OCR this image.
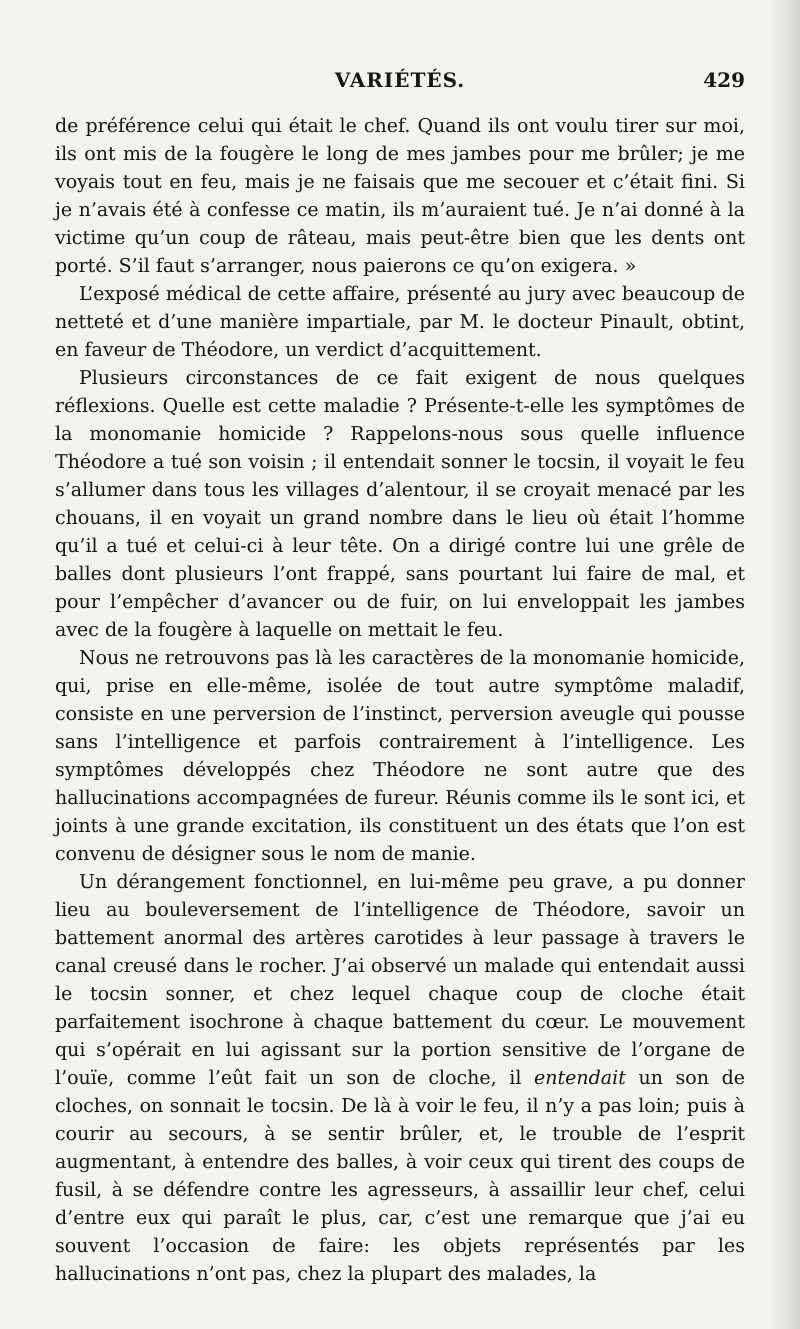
VARIÉTÉS.	429

de préférence celui qui était le chef. Quand ils ont voulu tirer sur moi, ils ont mis de la fougère le long de mes jambes pour me brûler; je me voyais tout en feu, mais je ne faisais que me secouer et c’était fini. Si je n’avais été à confesse ce matin, ils m’auraient tué. Je n’ai donné à la victime qu’un coup de râteau, mais peut-être bien que les dents ont porté. S’il faut s’arranger, nous paierons ce qu’on exigera. »

L’exposé médical de cette affaire, présenté au jury avec beaucoup de netteté et d’une manière impartiale, par M. le docteur Pinault, obtint, en faveur de Théodore, un verdict d’acquittement.

Plusieurs circonstances de ce fait exigent de nous quelques réflexions. Quelle est cette maladie ? Présente-t-elle les symptômes de la monomanie homicide ? Rappelons-nous sous quelle influence Théodore a tué son voisin ; il entendait sonner le tocsin, il voyait le feu s’allumer dans tous les villages d’alentour, il se croyait menacé par les chouans, il en voyait un grand nombre dans le lieu où était l’homme qu’il a tué et celui-ci à leur tête. On a dirigé contre lui une grêle de balles dont plusieurs l’ont frappé, sans pourtant lui faire de mal, et pour l’empêcher d’avancer ou de fuir, on lui enveloppait les jambes avec de la fougère à laquelle on mettait le feu.

Nous ne retrouvons pas là les caractères de la monomanie homicide, qui, prise en elle-même, isolée de tout autre symptôme maladif, consiste en une perversion de l’instinct, perversion aveugle qui pousse sans l’intelligence et parfois contrairement à l’intelligence. Les symptômes développés chez Théodore ne sont autre que des hallucinations accompagnées de fureur. Réunis comme ils le sont ici, et joints à une grande excitation, ils constituent un des états que l’on est convenu de désigner sous le nom de manie.

Un dérangement fonctionnel, en lui-même peu grave, a pu donner lieu au bouleversement de l’intelligence de Théodore, savoir un battement anormal des artères carotides à leur passage à travers le canal creusé dans le rocher. J’ai observé un malade qui entendait aussi le tocsin sonner, et chez lequel chaque coup de cloche était parfaitement isochrone à chaque battement du cœur. Le mouvement qui s’opérait en lui agissant sur la portion sensitive de l’organe de l’ouïe, comme l’eût fait un son de cloche, il entendait un son de cloches, on sonnait le tocsin. De là à voir le feu, il n’y a pas loin; puis à courir au secours, à se sentir brûler, et, le trouble de l’esprit augmentant, à entendre des balles, à voir ceux qui tirent des coups de fusil, à se défendre contre les agresseurs, à assaillir leur chef, celui d’entre eux qui paraît le plus, car, c’est une remarque que j’ai eu souvent l’occasion de faire: les objets représentés par les hallucinations n’ont pas, chez la plupart des malades, la
